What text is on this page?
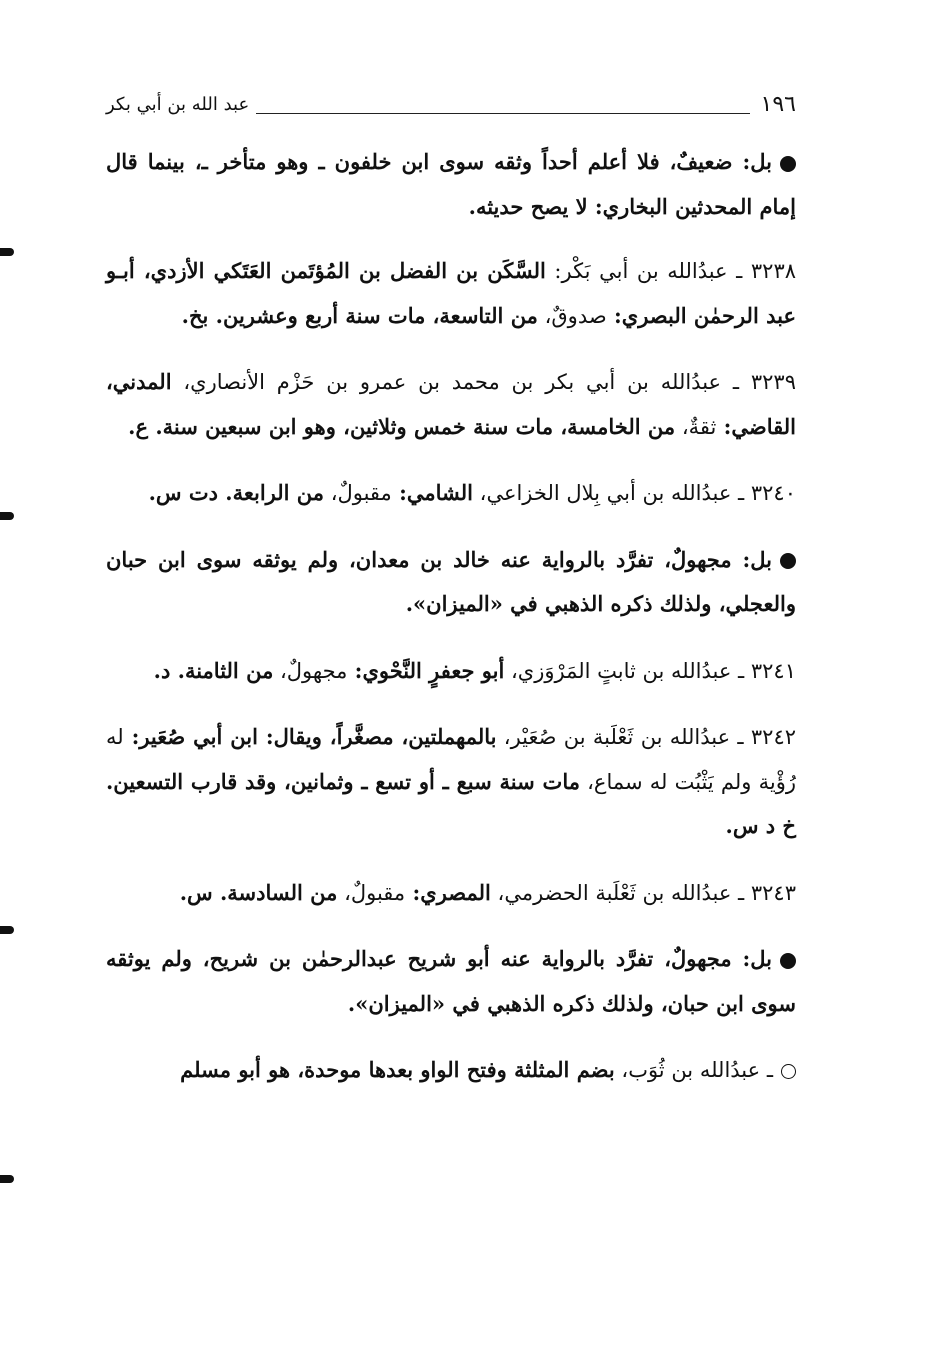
١٩٦
عبد الله بن أبي بكر

بل: ضعيفٌ، فلا أعلم أحداً وثقه سوى ابن خلفون ـ وهو متأخر ـ، بينما قال إمام المحدثين البخاري: لا يصح حديثه.

٣٢٣٨ ـ عبدُالله بن أبي بَكْر: السَّكَن بن الفضل بن المُؤتَمن العَتَكي الأزدي، أبـو عبد الرحمٰن البصري: صدوقٌ، من التاسعة، مات سنة أربع وعشرين. بخ.

٣٢٣٩ ـ عبدُالله بن أبي بكر بن محمد بن عمرو بن حَزْم الأنصاري، المدني، القاضي: ثقةٌ، من الخامسة، مات سنة خمس وثلاثين، وهو ابن سبعين سنة. ع.

٣٢٤٠ ـ عبدُالله بن أبي بِلال الخزاعي، الشامي: مقبولٌ، من الرابعة. دت س.

بل: مجهولٌ، تفرَّد بالرواية عنه خالد بن معدان، ولم يوثقه سوى ابن حبان والعجلي، ولذلك ذكره الذهبي في «الميزان».

٣٢٤١ ـ عبدُالله بن ثابتٍ المَرْوَزي، أبو جعفرٍ النَّحْوي: مجهولٌ، من الثامنة. د.

٣٢٤٢ ـ عبدُالله بن ثَعْلَبة بن صُعَيْر، بالمهملتين، مصغَّراً، ويقال: ابن أبي صُعَير: له رُؤْية ولم يَثْبُت له سماع، مات سنة سبع ـ أو تسع ـ وثمانين، وقد قارب التسعين. خ د س.

٣٢٤٣ ـ عبدُالله بن ثَعْلَبة الحضرمي، المصري: مقبولٌ، من السادسة. س.

بل: مجهولٌ، تفرَّد بالرواية عنه أبو شريح عبدالرحمٰن بن شريح، ولم يوثقه سوى ابن حبان، ولذلك ذكره الذهبي في «الميزان».

ـ عبدُالله بن ثُوَب، بضم المثلثة وفتح الواو بعدها موحدة، هو أبو مسلم
